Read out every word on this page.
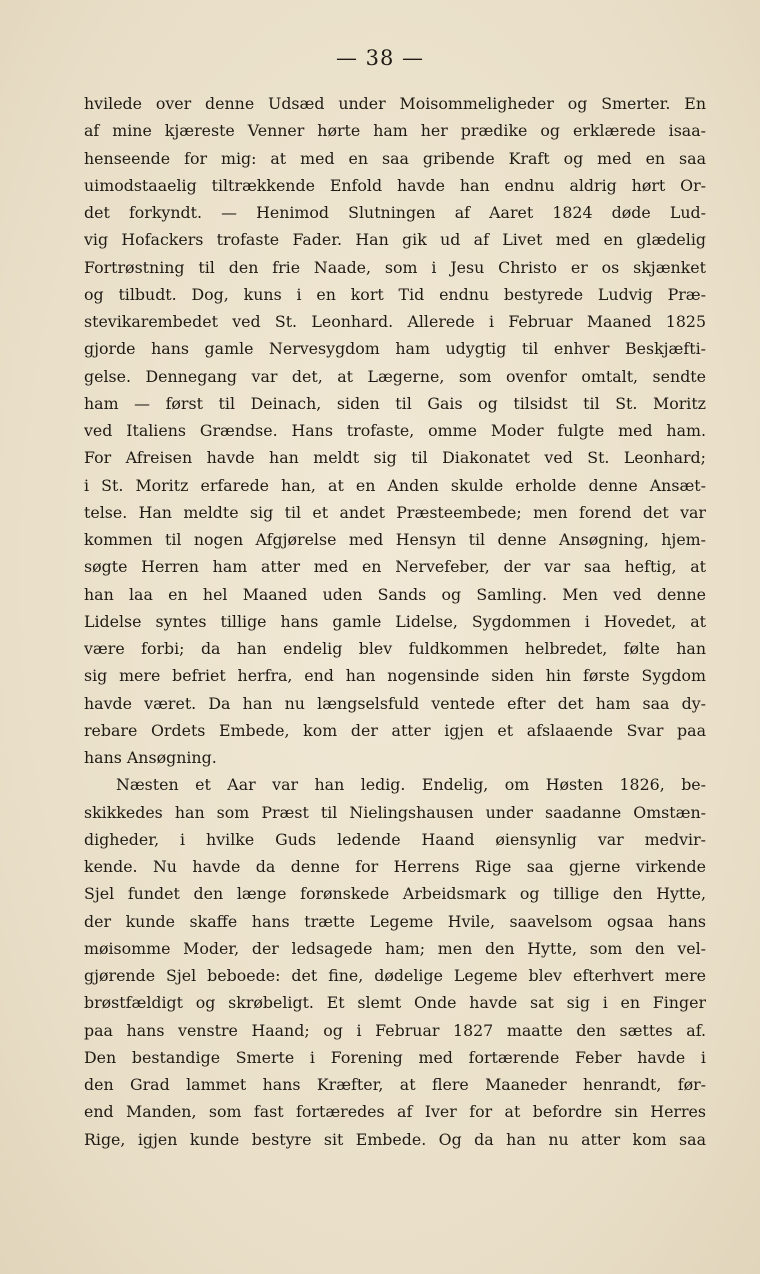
— 38 —
hvilede over denne Udsæd under Moisommeligheder og Smerter. En
af mine kjæreste Venner hørte ham her prædike og erklærede isaa-
henseende for mig: at med en saa gribende Kraft og med en saa
uimodstaaelig tiltrækkende Enfold havde han endnu aldrig hørt Or-
det forkyndt. — Henimod Slutningen af Aaret 1824 døde Lud-
vig Hofackers trofaste Fader. Han gik ud af Livet med en glædelig
Fortrøstning til den frie Naade, som i Jesu Christo er os skjænket
og tilbudt. Dog, kuns i en kort Tid endnu bestyrede Ludvig Præ-
stevikarembedet ved St. Leonhard. Allerede i Februar Maaned 1825
gjorde hans gamle Nervesygdom ham udygtig til enhver Beskjæfti-
gelse. Dennegang var det, at Lægerne, som ovenfor omtalt, sendte
ham — først til Deinach, siden til Gais og tilsidst til St. Moritz
ved Italiens Grændse. Hans trofaste, omme Moder fulgte med ham.
For Afreisen havde han meldt sig til Diakonatet ved St. Leonhard;
i St. Moritz erfarede han, at en Anden skulde erholde denne Ansæt-
telse. Han meldte sig til et andet Præsteembede; men forend det var
kommen til nogen Afgjørelse med Hensyn til denne Ansøgning, hjem-
søgte Herren ham atter med en Nervefeber, der var saa heftig, at
han laa en hel Maaned uden Sands og Samling. Men ved denne
Lidelse syntes tillige hans gamle Lidelse, Sygdommen i Hovedet, at
være forbi; da han endelig blev fuldkommen helbredet, følte han
sig mere befriet herfra, end han nogensinde siden hin første Sygdom
havde været. Da han nu længselsfuld ventede efter det ham saa dy-
rebare Ordets Embede, kom der atter igjen et afslaaende Svar paa
hans Ansøgning.
Næsten et Aar var han ledig. Endelig, om Høsten 1826, be-
skikkedes han som Præst til Nielingshausen under saadanne Omstæn-
digheder, i hvilke Guds ledende Haand øiensynlig var medvir-
kende. Nu havde da denne for Herrens Rige saa gjerne virkende
Sjel fundet den længe forønskede Arbeidsmark og tillige den Hytte,
der kunde skaffe hans trætte Legeme Hvile, saavelsom ogsaa hans
møisomme Moder, der ledsagede ham; men den Hytte, som den vel-
gjørende Sjel beboede: det fine, dødelige Legeme blev efterhvert mere
brøstfældigt og skrøbeligt. Et slemt Onde havde sat sig i en Finger
paa hans venstre Haand; og i Februar 1827 maatte den sættes af.
Den bestandige Smerte i Forening med fortærende Feber havde i
den Grad lammet hans Kræfter, at flere Maaneder henrandt, før-
end Manden, som fast fortæredes af Iver for at befordre sin Herres
Rige, igjen kunde bestyre sit Embede. Og da han nu atter kom saa
